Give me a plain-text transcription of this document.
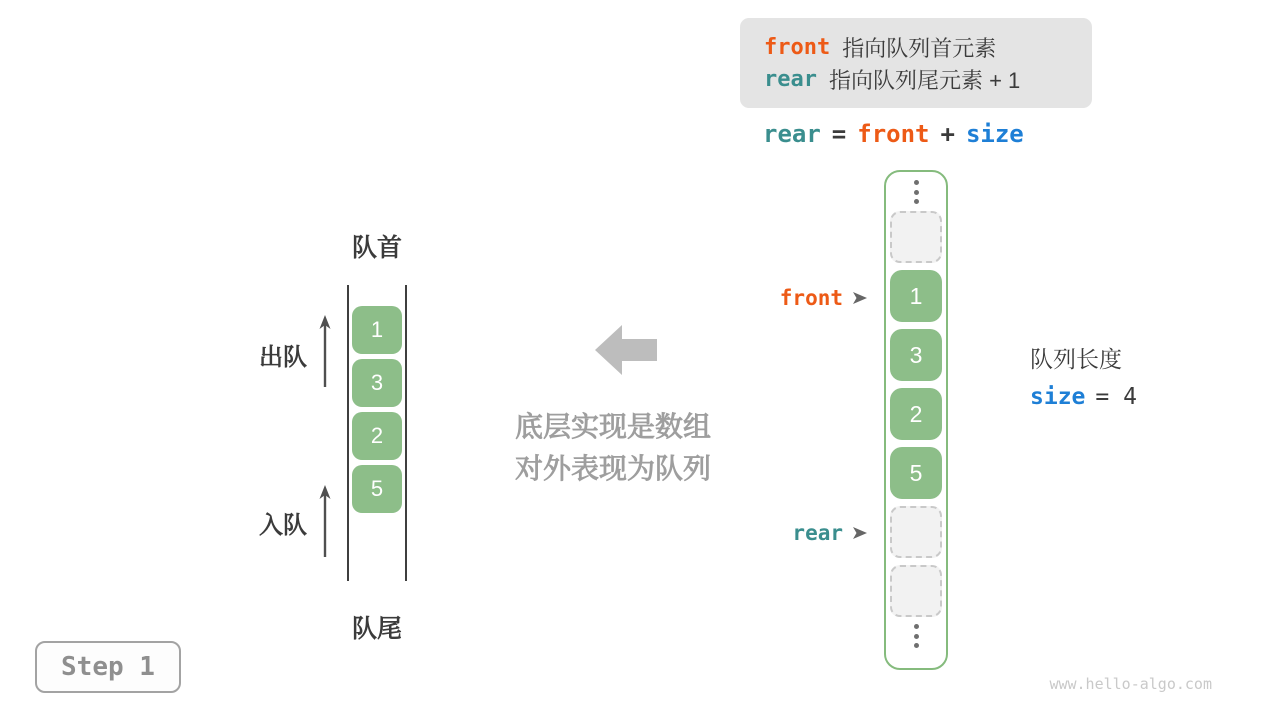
front 指向队列首元素
rear 指向队列尾元素 + 1
rear = front + size
队首
1
3
2
5
出队
入队
队尾
底层实现是数组
对外表现为队列
1
3
2
5
front
rear
队列长度
size = 4
Step 1
www.hello-algo.com
